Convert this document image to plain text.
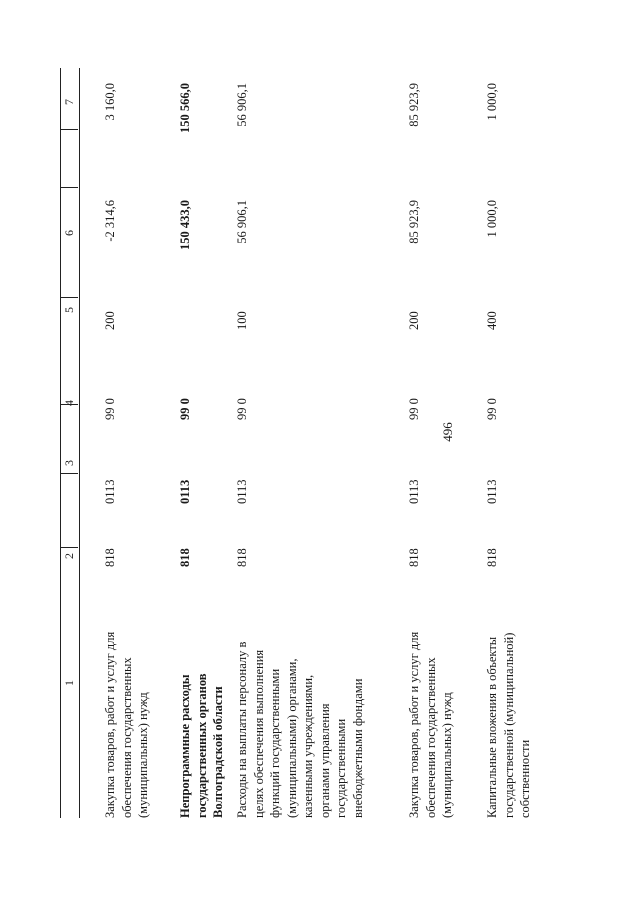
496
1
2
3
4
5
6
7
Закупка товаров, работ и услуг для обеспечения государственных (муниципальных) нужд
818
0113
99 0
200
-2 314,6
3 160,0
Непрограммные расходы государственных органов Волгоградской области
818
0113
99 0
150 433,0
150 566,0
Расходы на выплаты персоналу в целях обеспечения выполнения функций государственными (муниципальными) органами, казенными учреждениями, органами управления государственными внебюджетными фондами
818
0113
99 0
100
56 906,1
56 906,1
Закупка товаров, работ и услуг для обеспечения государственных (муниципальных) нужд
818
0113
99 0
200
85 923,9
85 923,9
Капитальные вложения в объекты государственной (муниципальной) собственности
818
0113
99 0
400
1 000,0
1 000,0
